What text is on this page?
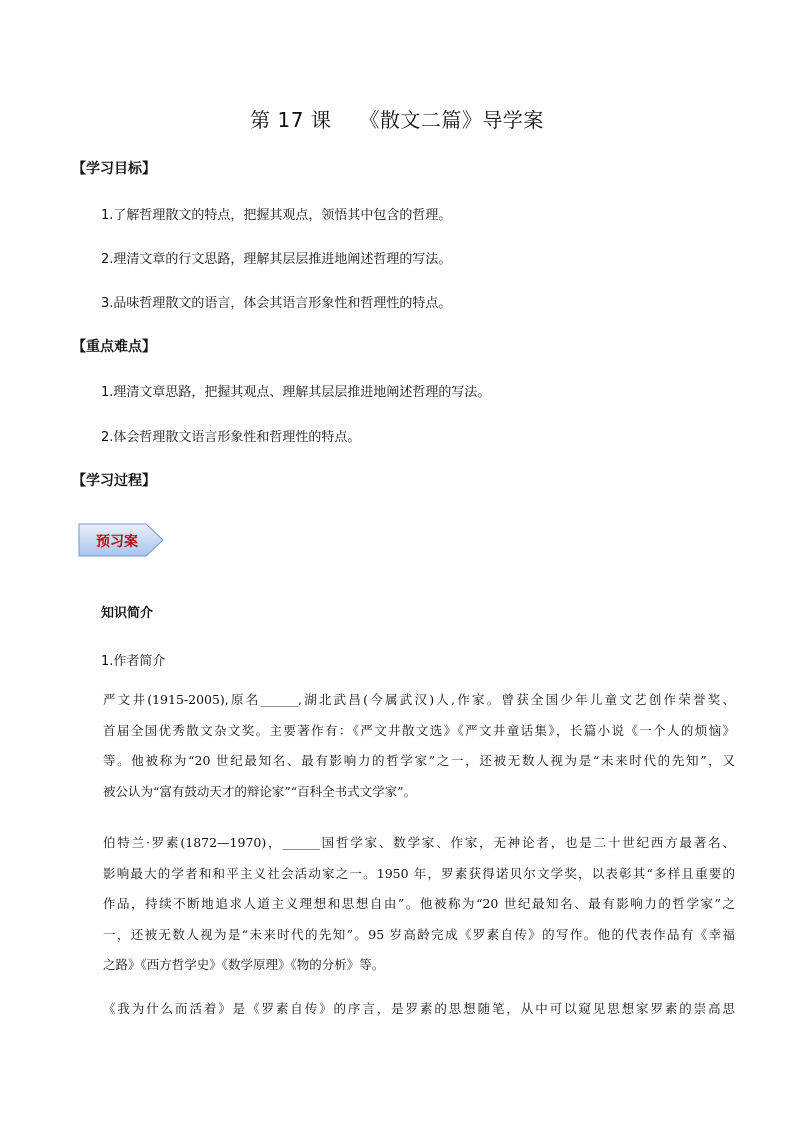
第 17 课 《散文二篇》导学案
【学习目标】
1.了解哲理散文的特点，把握其观点，领悟其中包含的哲理。
2.理清文章的行文思路，理解其层层推进地阐述哲理的写法。
3.品味哲理散文的语言，体会其语言形象性和哲理性的特点。
【重点难点】
1.理清文章思路，把握其观点、理解其层层推进地阐述哲理的写法。
2.体会哲理散文语言形象性和哲理性的特点。
【学习过程】
预习案
知识简介
1.作者简介
严文井(1915-2005),原名______,湖北武昌(今属武汉)人,作家。曾获全国少年儿童文艺创作荣誉奖、
首届全国优秀散文杂文奖。主要著作有：《严文井散文选》《严文井童话集》，长篇小说《一个人的烦恼》
等。他被称为“20 世纪最知名、最有影响力的哲学家”之一，还被无数人视为是“未来时代的先知”，又
被公认为“富有鼓动天才的辩论家”“百科全书式文学家”。
伯特兰·罗素(1872—1970)，______国哲学家、数学家、作家，无神论者，也是二十世纪西方最著名、
影响最大的学者和和平主义社会活动家之一。1950 年，罗素获得诺贝尔文学奖，以表彰其“多样且重要的
作品，持续不断地追求人道主义理想和思想自由”。他被称为“20 世纪最知名、最有影响力的哲学家”之
一，还被无数人视为是“未来时代的先知”。95 岁高龄完成《罗素自传》的写作。他的代表作品有《幸福
之路》《西方哲学史》《数学原理》《物的分析》等。
《我为什么而活着》是《罗素自传》的序言，是罗素的思想随笔，从中可以窥见思想家罗素的崇高思
